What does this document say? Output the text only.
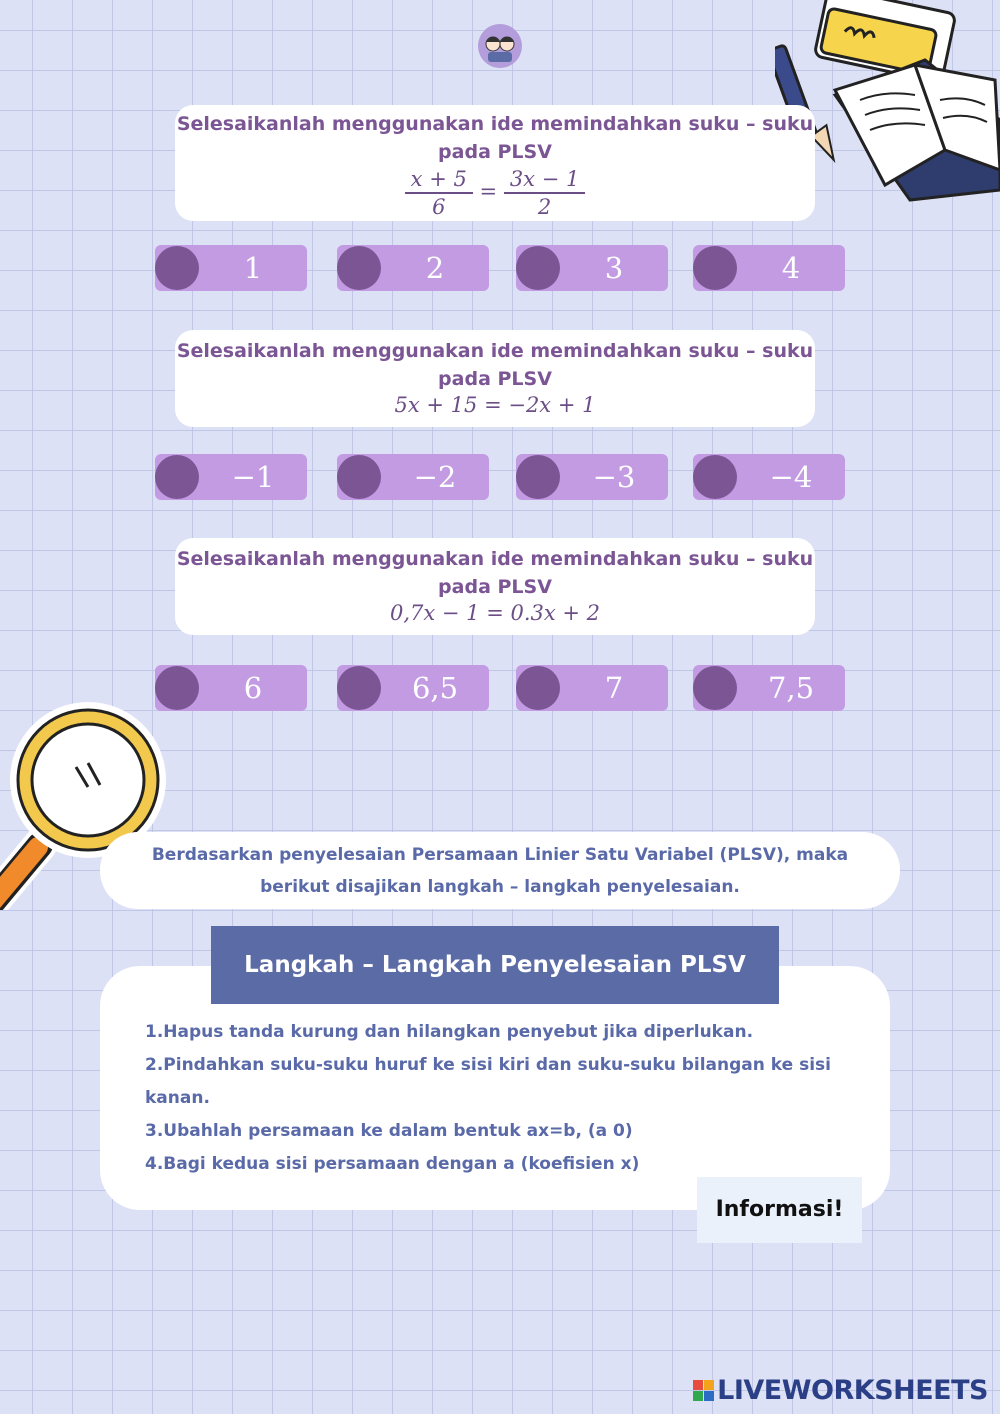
Selesaikanlah menggunakan ide memindahkan suku – suku
pada PLSV
$\frac{x + 5}{6} = \frac{3x - 1}{2}$
1	2	3	4
Selesaikanlah menggunakan ide memindahkan suku – suku
pada PLSV
5x + 15 = −2x + 1
−1	−2	−3	−4
Selesaikanlah menggunakan ide memindahkan suku – suku
pada PLSV
0,7x − 1 = 0.3x + 2
6	6,5	7	7,5
Berdasarkan penyelesaian Persamaan Linier Satu Variabel (PLSV), maka
berikut disajikan langkah – langkah penyelesaian.
1.Hapus tanda kurung dan hilangkan penyebut jika diperlukan.
2.Pindahkan suku-suku huruf ke sisi kiri dan suku-suku bilangan ke sisi kanan.
3.Ubahlah persamaan ke dalam bentuk ax=b, (a 0)
4.Bagi kedua sisi persamaan dengan a (koefisien x)
Langkah – Langkah Penyelesaian PLSV
Informasi!
LIVEWORKSHEETS
